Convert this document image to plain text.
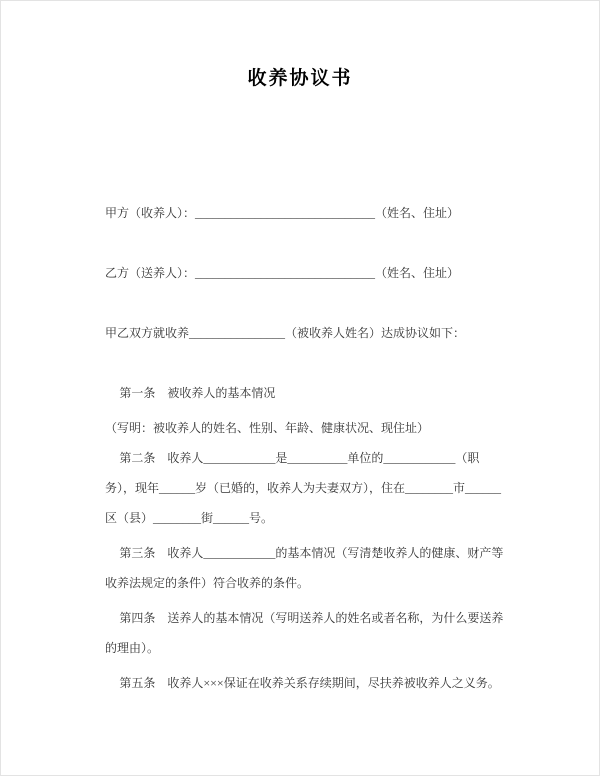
收养协议书

甲方（收养人）：______________________________（姓名、住址）

乙方（送养人）：______________________________（姓名、住址）

甲乙双方就收养________________（被收养人姓名）达成协议如下：

第一条　被收养人的基本情况

（写明：被收养人的姓名、性别、年龄、健康状况、现住址）

第二条　收养人____________是__________单位的____________（职务），现年______岁（已婚的，收养人为夫妻双方），住在________市______区（县）________街______号。

第三条　收养人____________的基本情况（写清楚收养人的健康、财产等收养法规定的条件）符合收养的条件。

第四条　送养人的基本情况（写明送养人的姓名或者名称，为什么要送养的理由）。

第五条　收养人×××保证在收养关系存续期间，尽扶养被收养人之义务。
